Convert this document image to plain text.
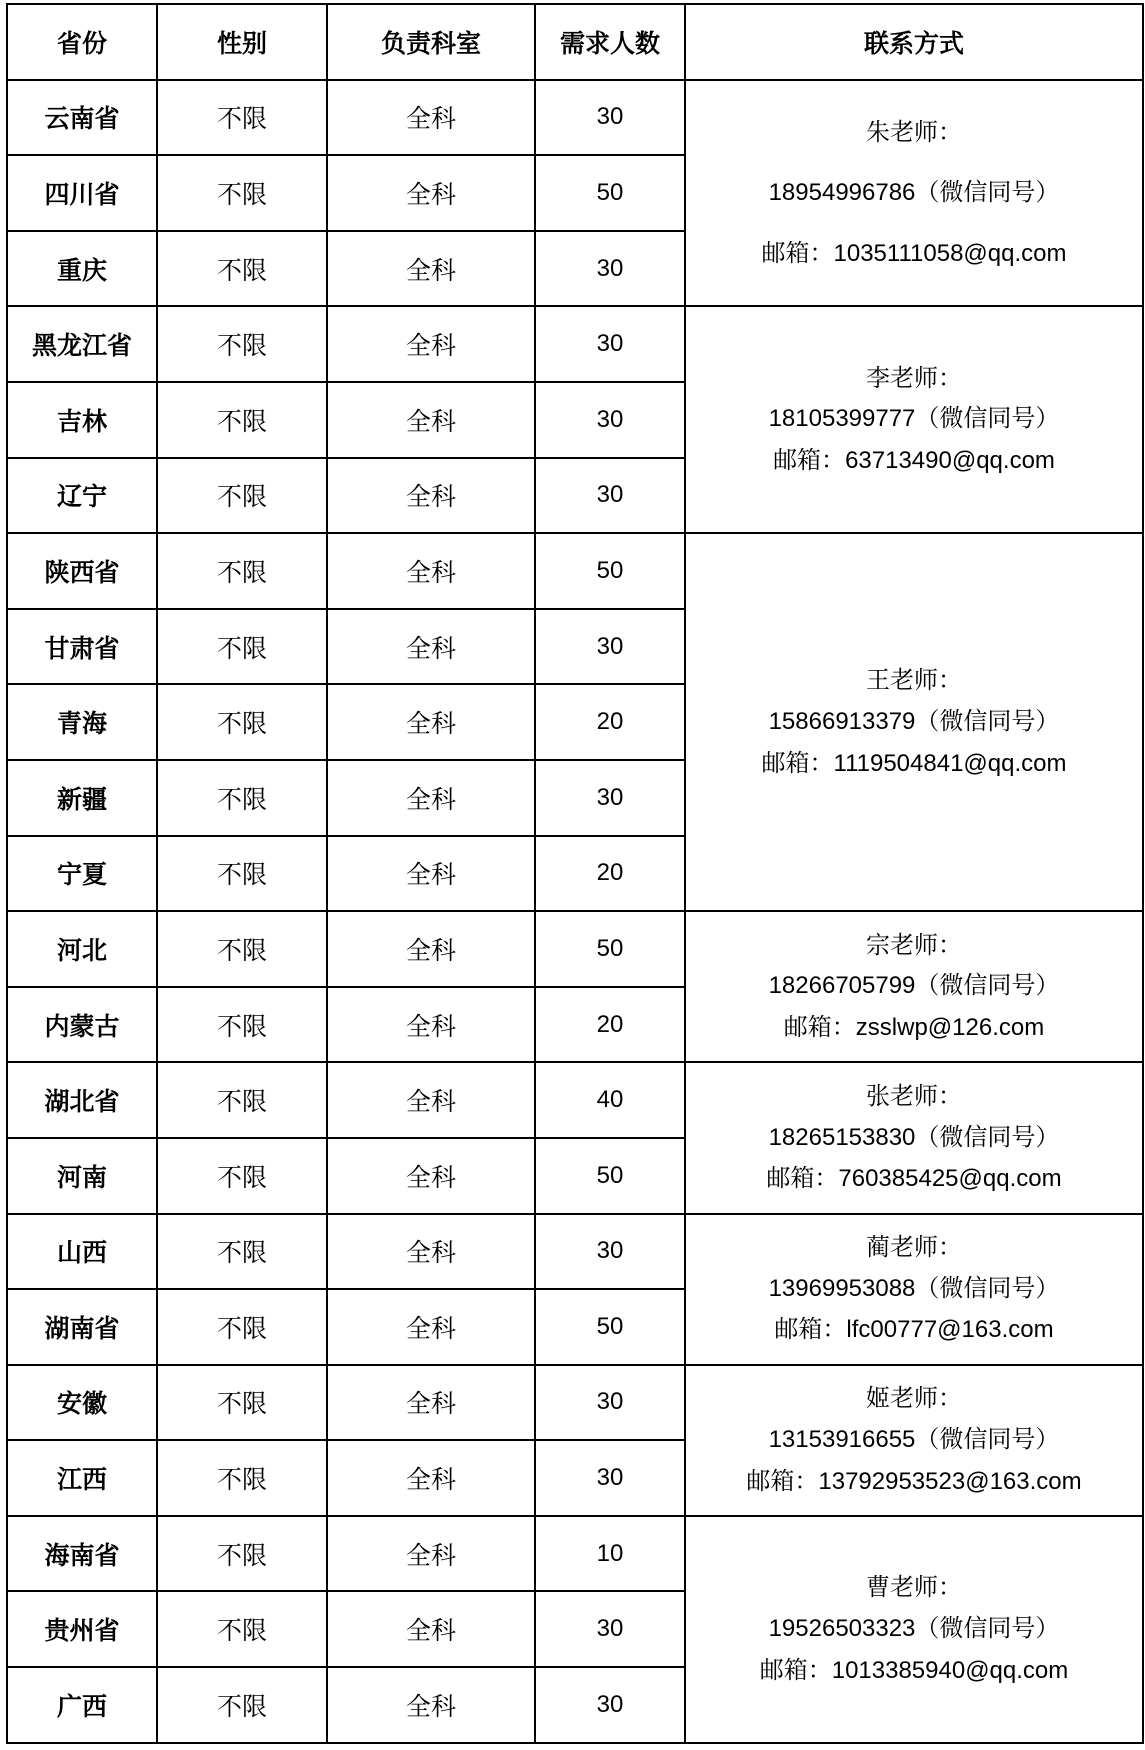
省份	性别	负责科室	需求人数	联系方式
云南省	不限	全科	30	朱老师：
18954996786（微信同号）
邮箱：1035111058@qq.com

四川省	不限	全科	50	
重庆	不限	全科	30	
黑龙江省	不限	全科	30	李老师：
18105399777（微信同号）
邮箱：63713490@qq.com

吉林	不限	全科	30	
辽宁	不限	全科	30	
陕西省	不限	全科	50	王老师：
15866913379（微信同号）
邮箱：1119504841@qq.com

甘肃省	不限	全科	30	
青海	不限	全科	20	
新疆	不限	全科	30	
宁夏	不限	全科	20	
河北	不限	全科	50	宗老师：
18266705799（微信同号）
邮箱：zsslwp@126.com

内蒙古	不限	全科	20	
湖北省	不限	全科	40	张老师：
18265153830（微信同号）
邮箱：760385425@qq.com

河南	不限	全科	50	
山西	不限	全科	30	蔺老师：
13969953088（微信同号）
邮箱：lfc00777@163.com

湖南省	不限	全科	50	
安徽	不限	全科	30	姬老师：
13153916655（微信同号）
邮箱：13792953523@163.com

江西	不限	全科	30	
海南省	不限	全科	10	曹老师：
19526503323（微信同号）
邮箱：1013385940@qq.com

贵州省	不限	全科	30	
广西	不限	全科	30	
